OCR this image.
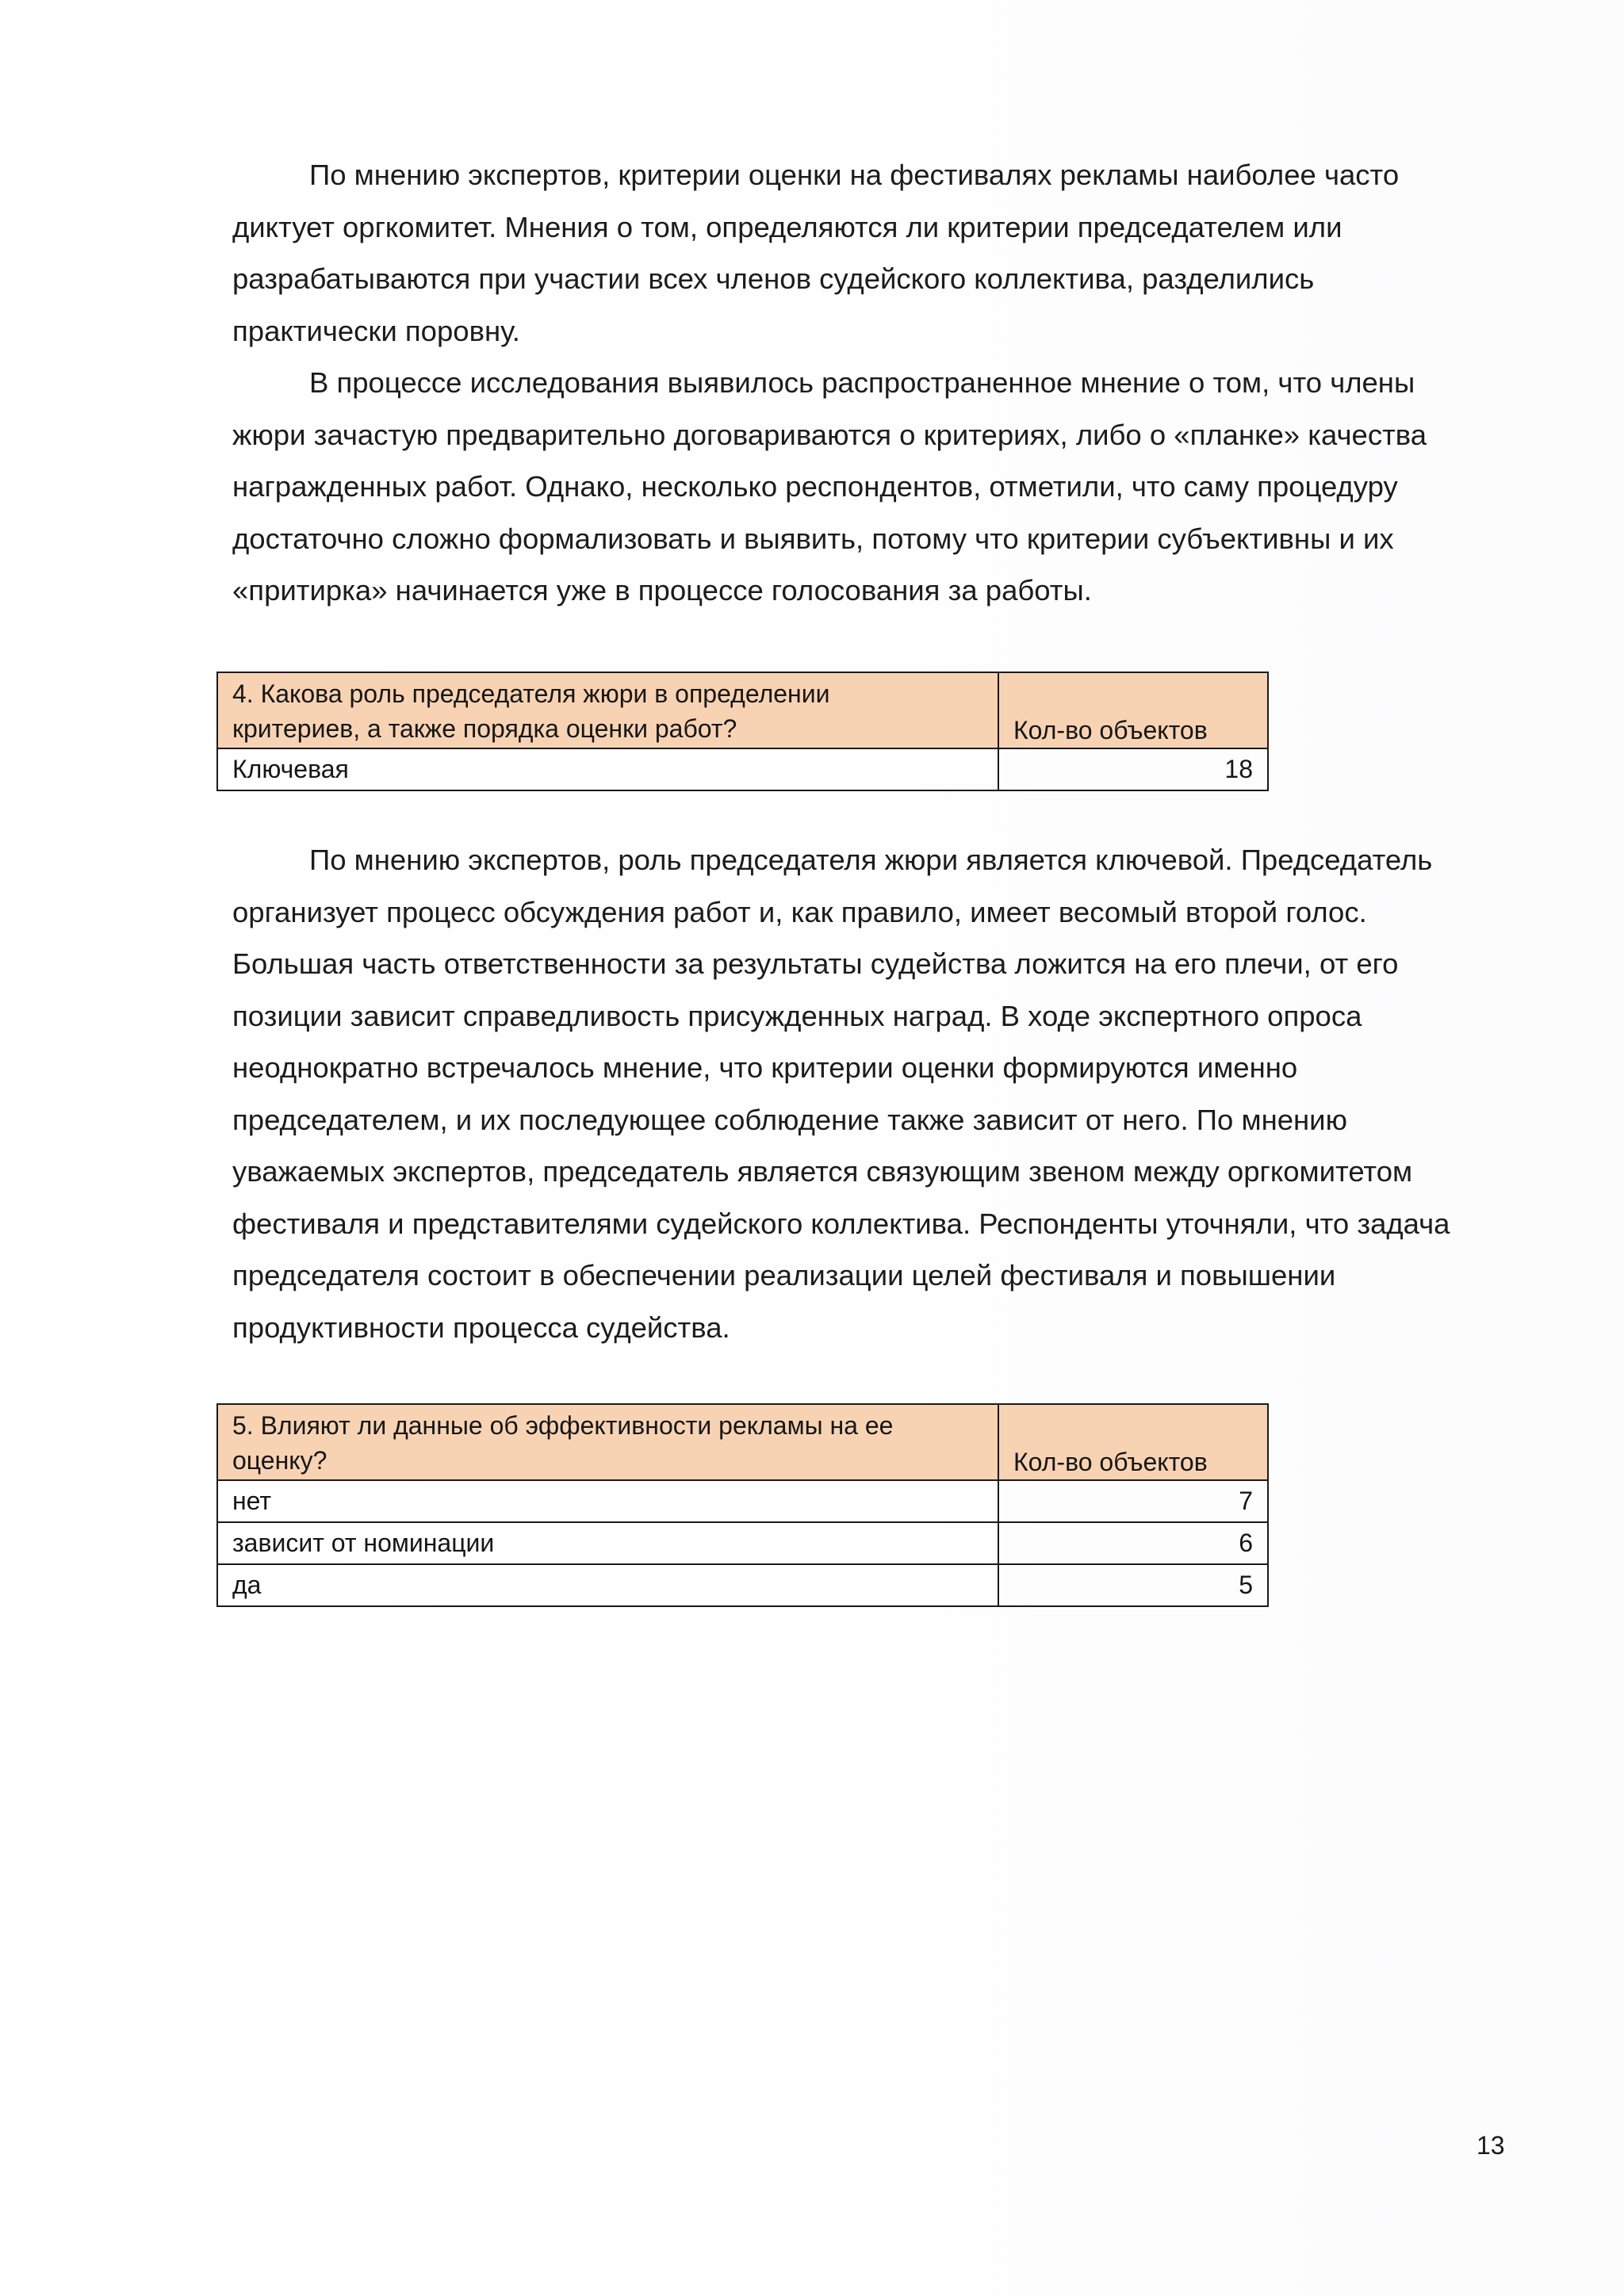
По мнению экспертов, критерии оценки на фестивалях рекламы наиболее часто
диктует оргкомитет. Мнения о том, определяются ли критерии председателем или
разрабатываются при участии всех членов судейского коллектива, разделились
практически поровну.
В процессе исследования выявилось распространенное мнение о том, что члены
жюри зачастую предварительно договариваются о критериях, либо о «планке» качества
награжденных работ. Однако, несколько респондентов, отметили, что саму процедуру
достаточно сложно формализовать и выявить, потому что критерии субъективны и их
«притирка» начинается уже в процессе голосования за работы.
4. Какова роль председателя жюри в определении
критериев, а также порядка оценки работ?	Кол-во объектов
Ключевая	18
По мнению экспертов, роль председателя жюри является ключевой. Председатель
организует процесс обсуждения работ и, как правило, имеет весомый второй голос.
Большая часть ответственности за результаты судейства ложится на его плечи, от его
позиции зависит справедливость присужденных наград. В ходе экспертного опроса
неоднократно встречалось мнение, что критерии оценки формируются именно
председателем, и их последующее соблюдение также зависит от него. По мнению
уважаемых экспертов, председатель является связующим звеном между оргкомитетом
фестиваля и представителями судейского коллектива. Респонденты уточняли, что задача
председателя состоит в обеспечении реализации целей фестиваля и повышении
продуктивности процесса судейства.
5. Влияют ли данные об эффективности рекламы на ее
оценку?	Кол-во объектов
нет	7
зависит от номинации	6
да	5
13
